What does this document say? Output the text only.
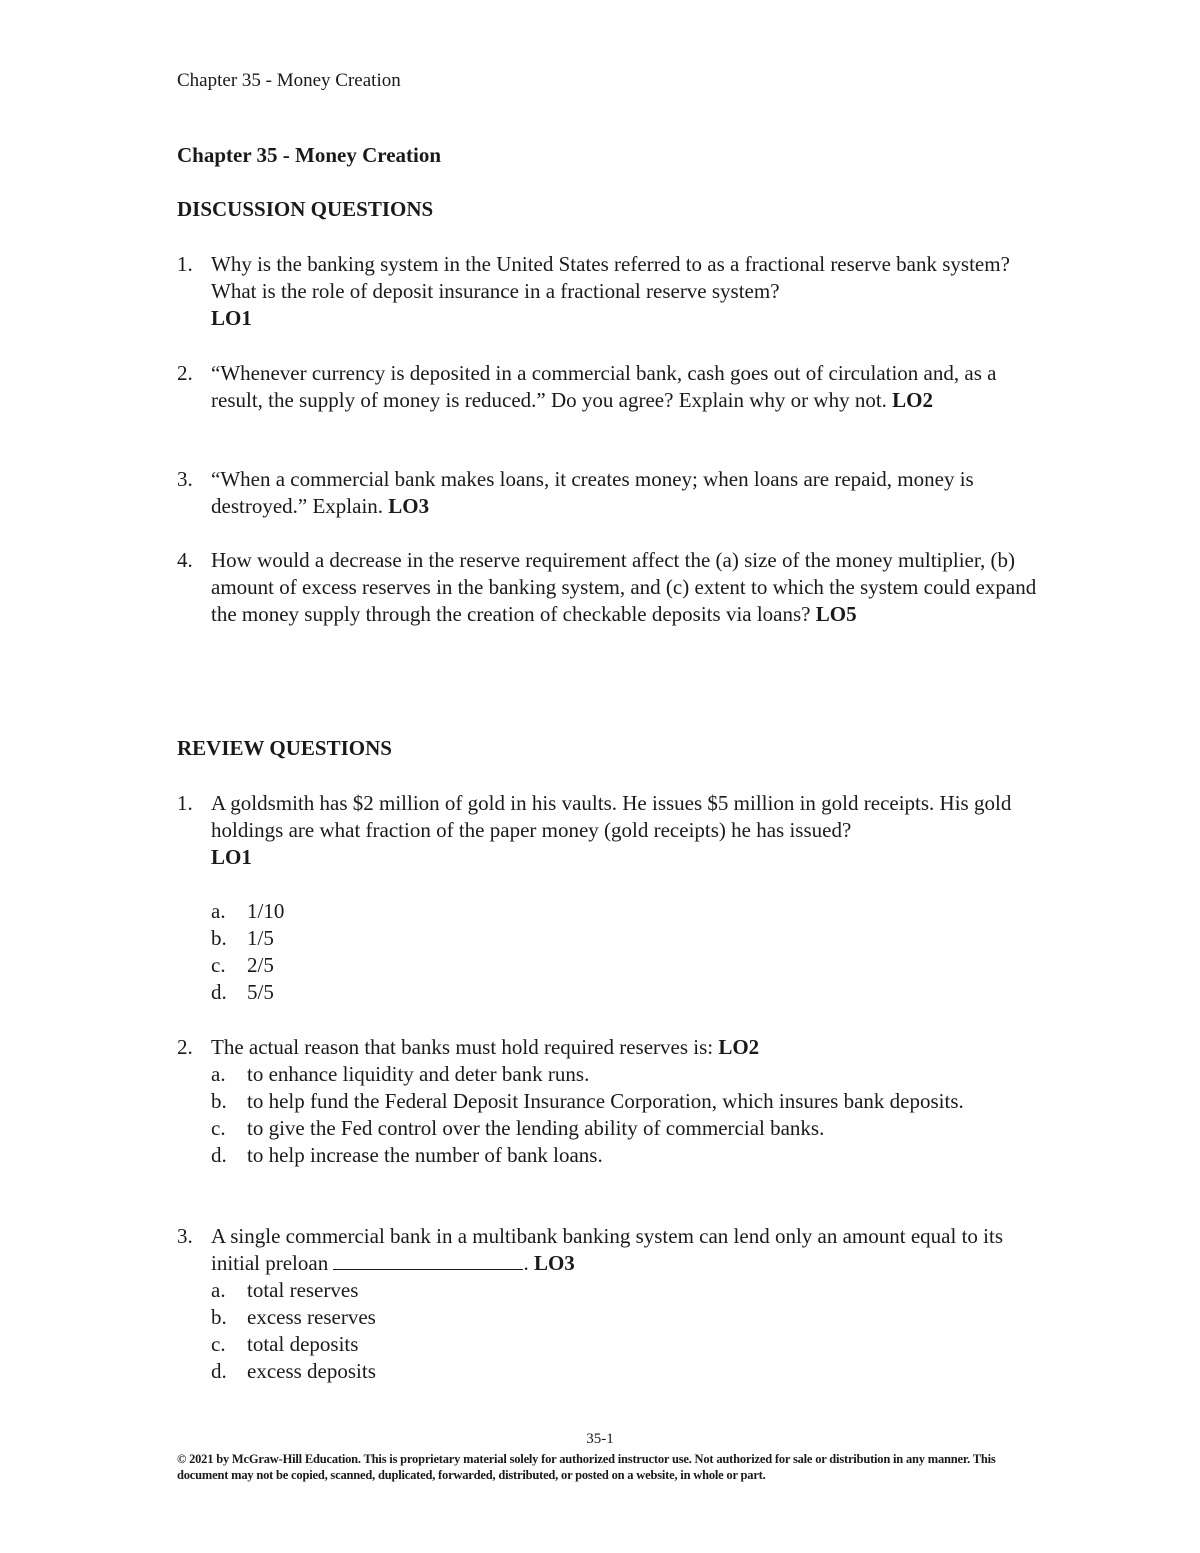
Chapter 35 - Money Creation
Chapter 35 - Money Creation
DISCUSSION QUESTIONS
1. Why is the banking system in the United States referred to as a fractional reserve bank system? What is the role of deposit insurance in a fractional reserve system?
LO1
2. “Whenever currency is deposited in a commercial bank, cash goes out of circulation and, as a result, the supply of money is reduced.” Do you agree? Explain why or why not. LO2
3. “When a commercial bank makes loans, it creates money; when loans are repaid, money is destroyed.” Explain. LO3
4. How would a decrease in the reserve requirement affect the (a) size of the money multiplier, (b) amount of excess reserves in the banking system, and (c) extent to which the system could expand the money supply through the creation of checkable deposits via loans? LO5
REVIEW QUESTIONS
1. A goldsmith has $2 million of gold in his vaults. He issues $5 million in gold receipts. His gold holdings are what fraction of the paper money (gold receipts) he has issued?
LO1
a. 1/10
b. 1/5
c. 2/5
d. 5/5
2. The actual reason that banks must hold required reserves is: LO2
a. to enhance liquidity and deter bank runs.
b. to help fund the Federal Deposit Insurance Corporation, which insures bank deposits.
c. to give the Fed control over the lending ability of commercial banks.
d. to help increase the number of bank loans.
3. A single commercial bank in a multibank banking system can lend only an amount equal to its initial preloan	. LO3
a. total reserves
b. excess reserves
c. total deposits
d. excess deposits
35-1
© 2021 by McGraw-Hill Education. This is proprietary material solely for authorized instructor use. Not authorized for sale or distribution in any manner. This document may not be copied, scanned, duplicated, forwarded, distributed, or posted on a website, in whole or part.
